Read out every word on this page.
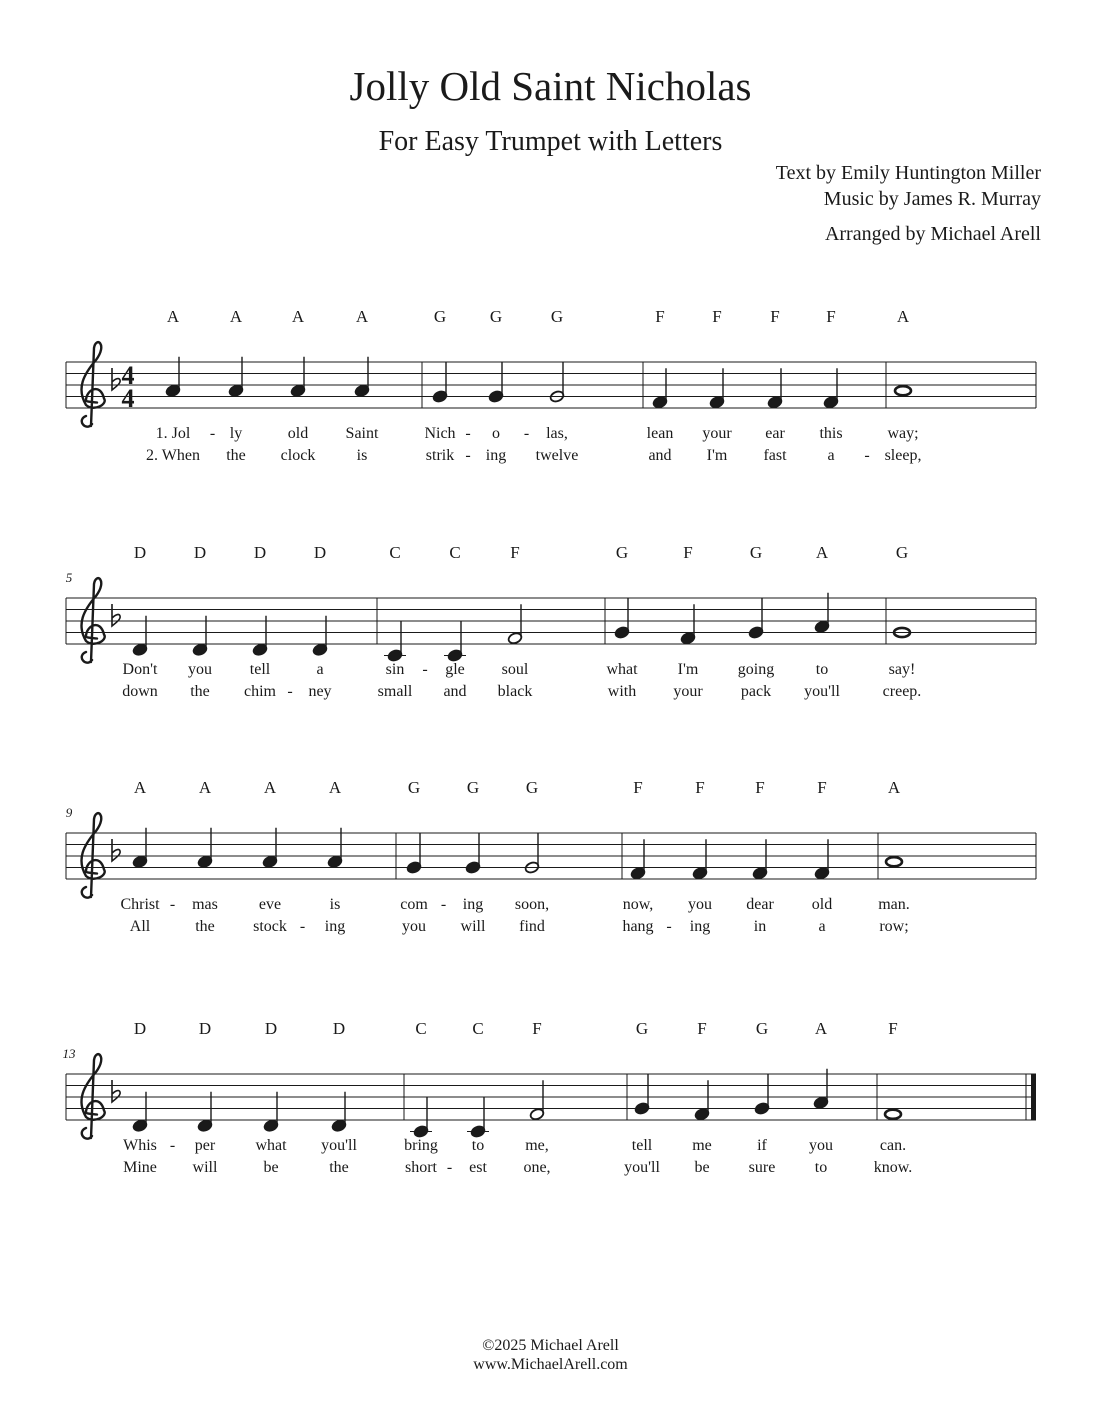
Jolly Old Saint Nicholas
For Easy Trumpet with Letters
Text by Emily Huntington Miller
Music by James R. Murray
Arranged by Michael Arell
4
4
A
1. Jol
2. When
-
A
ly
the
A
old
clock
A
Saint
is
G
Nich
strik
-
-
G
o
ing
-
G
las,
twelve
F
lean
and
F
your
I'm
F
ear
fast
F
this
a -
A
way;
sleep,
5
D
Don't
down
D
you
the
D
tell
chim -
D
a
ney
C
sin
small
-
C
gle
and
F
soul
black
G
what
with
F
I'm
your
G
going
pack
A
to
you'll
G
say!
creep.
9
A
Christ
All
-
A
mas
the
A
eve
stock -
A
is
ing
G
com
you
-
G
ing
will
G
soon,
find
F
now,
hang -
F
you
ing
F
dear
in
F
old
a
A
man.
row;
13
D
Whis
Mine
-
D
per
will
D
what
be
D
you'll
the
C
bring
short -
C
to
est
F
me,
one,
G
tell
you'll
F
me
be
G
if
sure
A
you
to
F
can.
know.
©2025 Michael Arell
www.MichaelArell.com
